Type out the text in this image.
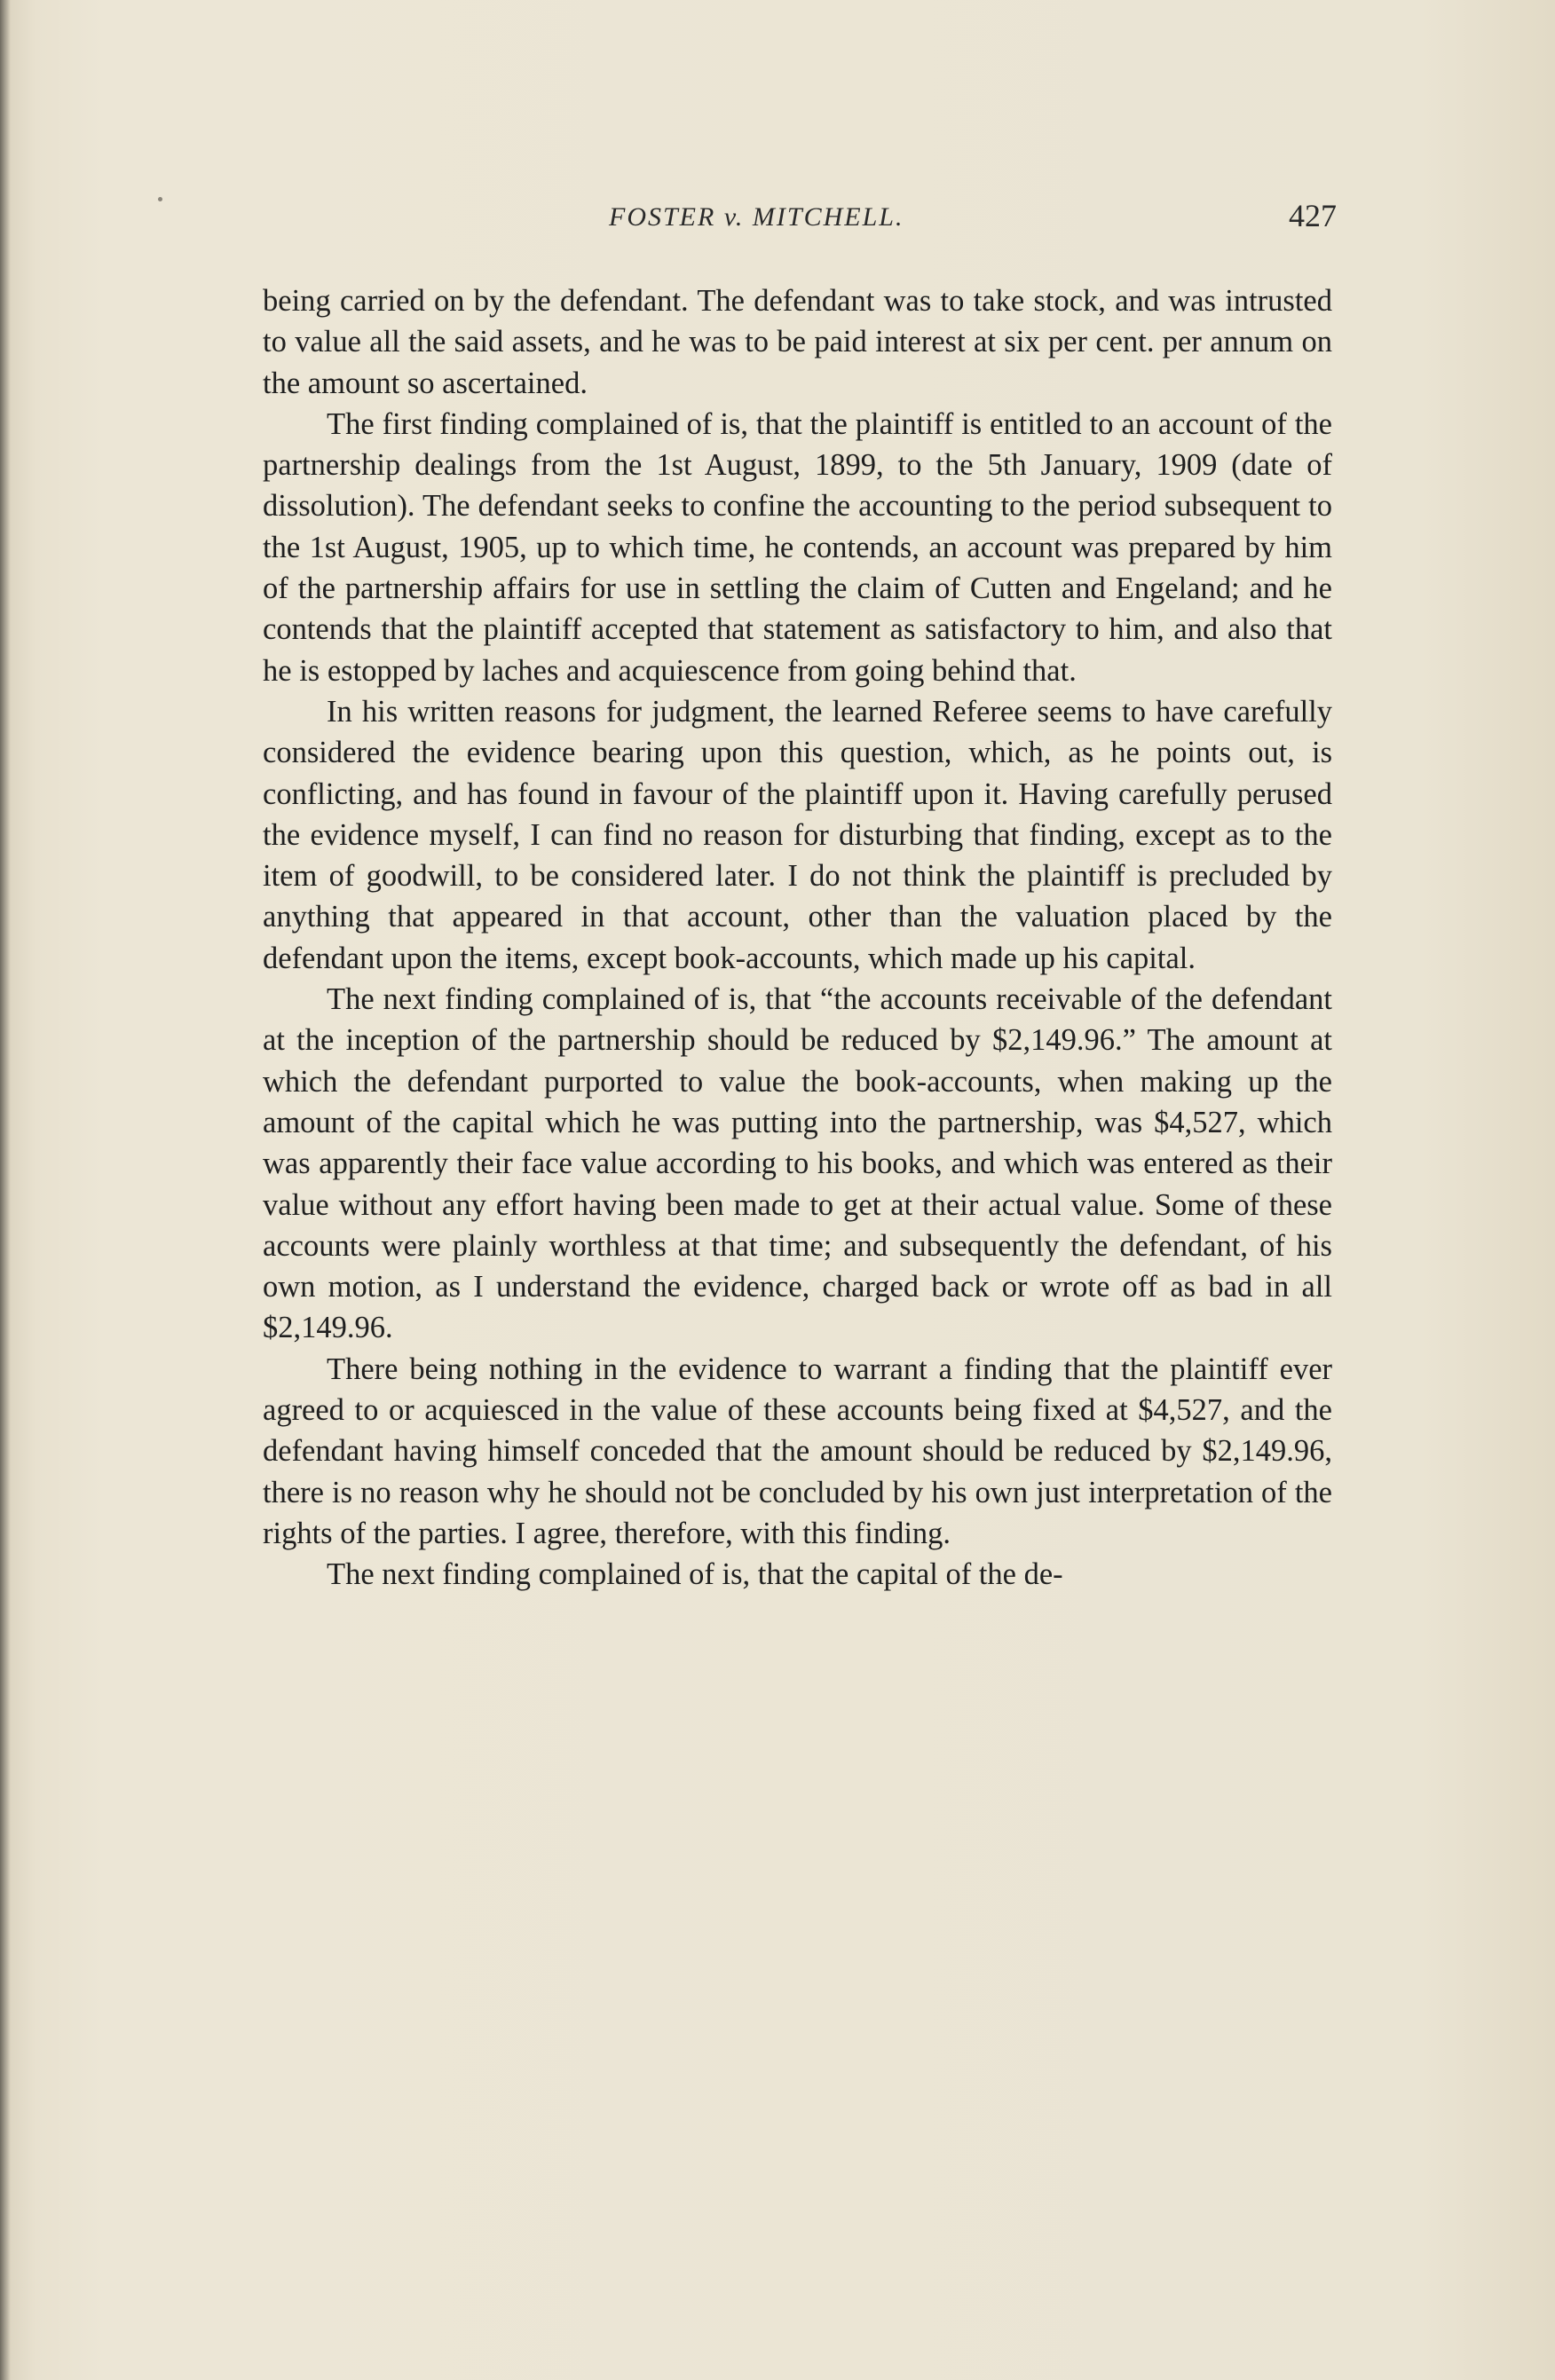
FOSTER v. MITCHELL.	427

being carried on by the defendant. The defendant was to take stock, and was intrusted to value all the said assets, and he was to be paid interest at six per cent. per annum on the amount so ascertained.

The first finding complained of is, that the plaintiff is entitled to an account of the partnership dealings from the 1st August, 1899, to the 5th January, 1909 (date of dissolution). The defendant seeks to confine the accounting to the period subsequent to the 1st August, 1905, up to which time, he contends, an account was prepared by him of the partnership affairs for use in settling the claim of Cutten and Engeland; and he contends that the plaintiff accepted that statement as satisfactory to him, and also that he is estopped by laches and acquiescence from going behind that.

In his written reasons for judgment, the learned Referee seems to have carefully considered the evidence bearing upon this question, which, as he points out, is conflicting, and has found in favour of the plaintiff upon it. Having carefully perused the evidence myself, I can find no reason for disturbing that finding, except as to the item of goodwill, to be considered later. I do not think the plaintiff is precluded by anything that appeared in that account, other than the valuation placed by the defendant upon the items, except book-accounts, which made up his capital.

The next finding complained of is, that “the accounts receivable of the defendant at the inception of the partnership should be reduced by $2,149.96.” The amount at which the defendant purported to value the book-accounts, when making up the amount of the capital which he was putting into the partnership, was $4,527, which was apparently their face value according to his books, and which was entered as their value without any effort having been made to get at their actual value. Some of these accounts were plainly worthless at that time; and subsequently the defendant, of his own motion, as I understand the evidence, charged back or wrote off as bad in all $2,149.96.

There being nothing in the evidence to warrant a finding that the plaintiff ever agreed to or acquiesced in the value of these accounts being fixed at $4,527, and the defendant having himself conceded that the amount should be reduced by $2,149.96, there is no reason why he should not be concluded by his own just interpretation of the rights of the parties. I agree, therefore, with this finding.

The next finding complained of is, that the capital of the de-
